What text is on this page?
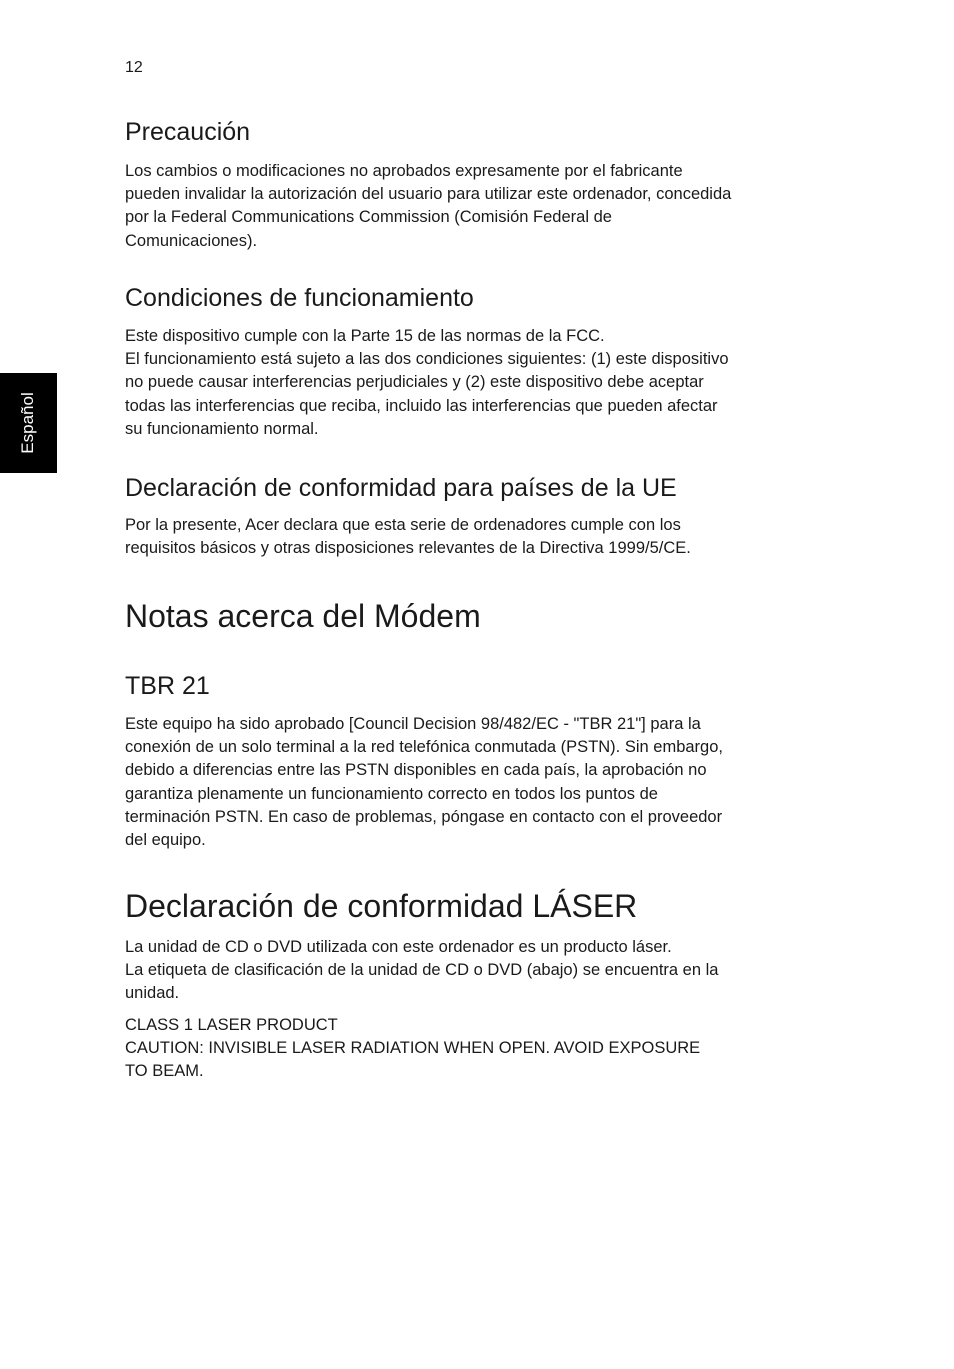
12
Español
Precaución
Los cambios o modificaciones no aprobados expresamente por el fabricante
pueden invalidar la autorización del usuario para utilizar este ordenador, concedida
por la Federal Communications Commission (Comisión Federal de
Comunicaciones).
Condiciones de funcionamiento
Este dispositivo cumple con la Parte 15 de las normas de la FCC.
El funcionamiento está sujeto a las dos condiciones siguientes: (1) este dispositivo
no puede causar interferencias perjudiciales y (2) este dispositivo debe aceptar
todas las interferencias que reciba, incluido las interferencias que pueden afectar
su funcionamiento normal.
Declaración de conformidad para países de la UE
Por la presente, Acer declara que esta serie de ordenadores cumple con los
requisitos básicos y otras disposiciones relevantes de la Directiva 1999/5/CE.
Notas acerca del Módem
TBR 21
Este equipo ha sido aprobado [Council Decision 98/482/EC - "TBR 21"] para la
conexión de un solo terminal a la red telefónica conmutada (PSTN). Sin embargo,
debido a diferencias entre las PSTN disponibles en cada país, la aprobación no
garantiza plenamente un funcionamiento correcto en todos los puntos de
terminación PSTN. En caso de problemas, póngase en contacto con el proveedor
del equipo.
Declaración de conformidad LÁSER
La unidad de CD o DVD utilizada con este ordenador es un producto láser.
La etiqueta de clasificación de la unidad de CD o DVD (abajo) se encuentra en la
unidad.
CLASS 1 LASER PRODUCT
CAUTION: INVISIBLE LASER RADIATION WHEN OPEN. AVOID EXPOSURE
TO BEAM.
